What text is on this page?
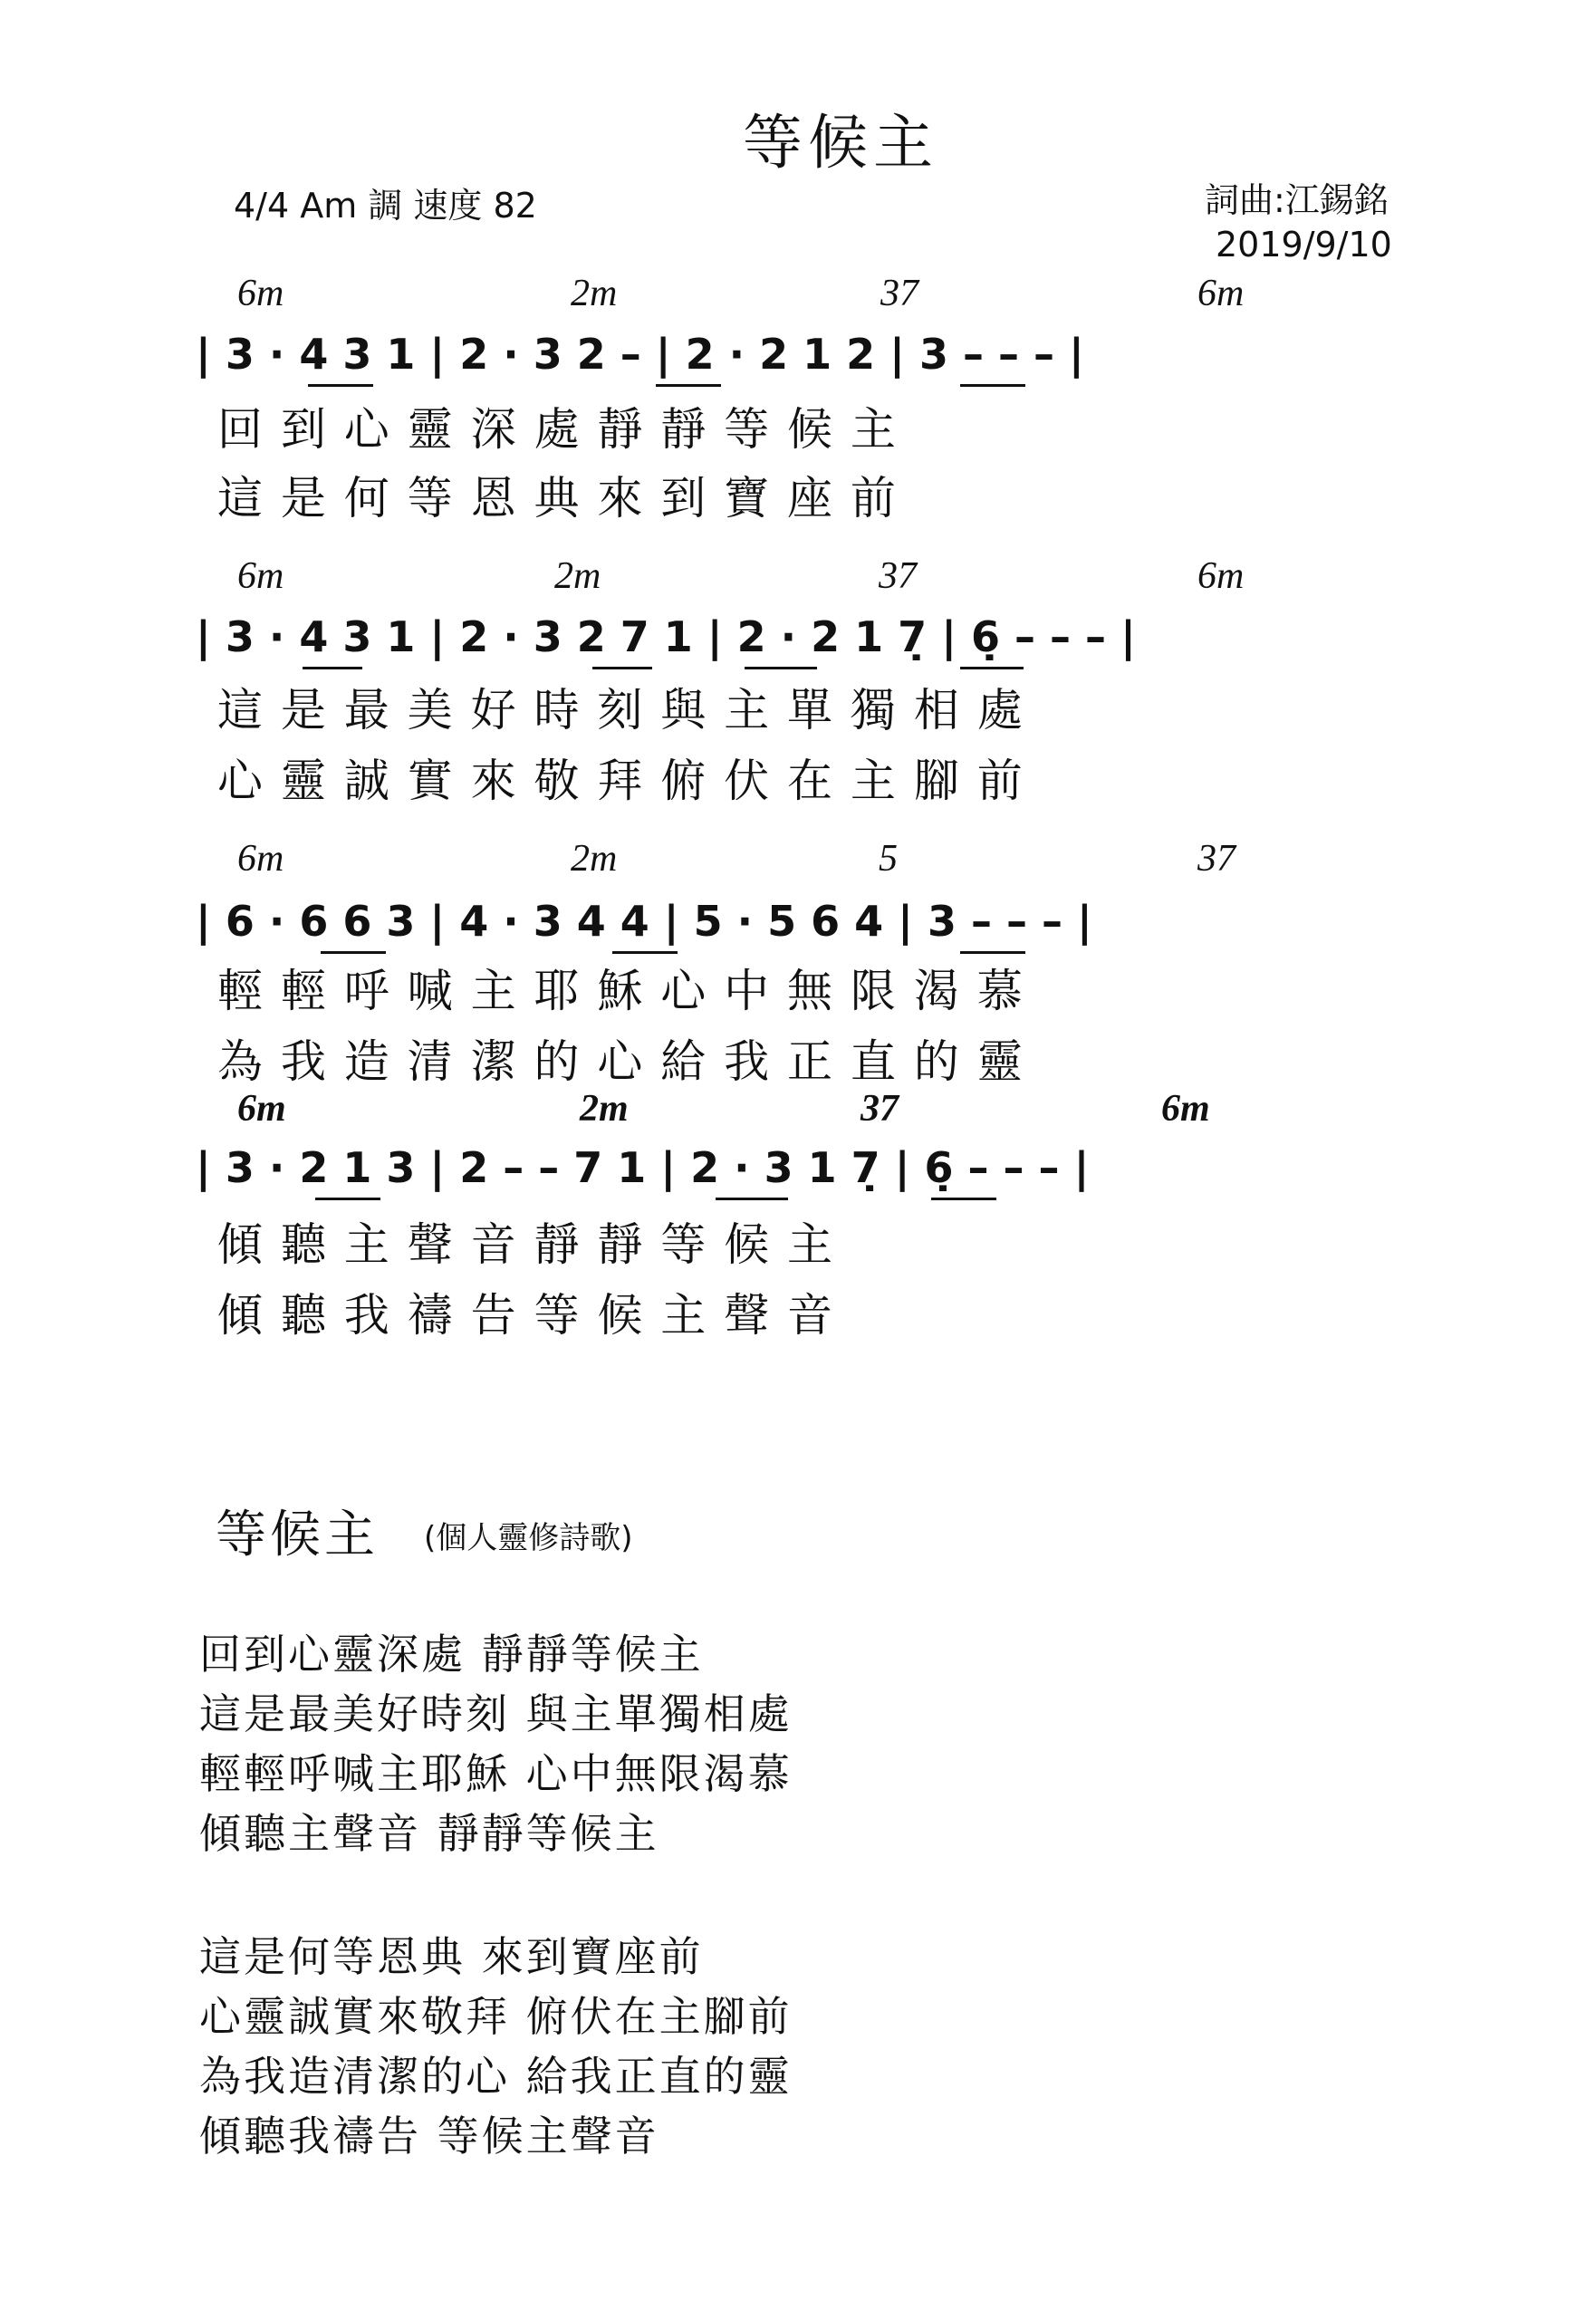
等候主
4/4 Am 調 速度 82	詞曲:江錫銘
2019/9/10
6m	2m	37	6m
| 3 · 4 3 1 | 2 · 3 2 – | 2 · 2 1 2 | 3 – – – |
回 到 心 靈 深 處 靜 靜 等 候 主
這 是 何 等 恩 典 來 到 寶 座 前
6m	2m	37	6m
| 3 · 4 3 1 | 2 · 3 2 7 1 | 2 · 2 1 7̣ | 6̣ – – – |
這 是 最 美 好 時 刻 與 主 單 獨 相 處
心 靈 誠 實 來 敬 拜 俯 伏 在 主 腳 前
6m	2m	5	37
| 6 · 6 6 3 | 4 · 3 4 4 | 5 · 5 6 4 | 3 – – – |
輕 輕 呼 喊 主 耶 穌 心 中 無 限 渴 慕
為 我 造 清 潔 的 心 給 我 正 直 的 靈
6m	2m	37	6m
| 3 · 2 1 3 | 2 – – 7 1 | 2 · 3 1 7̣ | 6̣ – – – |
傾 聽 主 聲 音 靜 靜 等 候 主
傾 聽 我 禱 告 等 候 主 聲 音
等候主 (個人靈修詩歌)
回到心靈深處 靜靜等候主
這是最美好時刻 與主單獨相處
輕輕呼喊主耶穌 心中無限渴慕
傾聽主聲音 靜靜等候主
這是何等恩典 來到寶座前
心靈誠實來敬拜 俯伏在主腳前
為我造清潔的心 給我正直的靈
傾聽我禱告 等候主聲音
